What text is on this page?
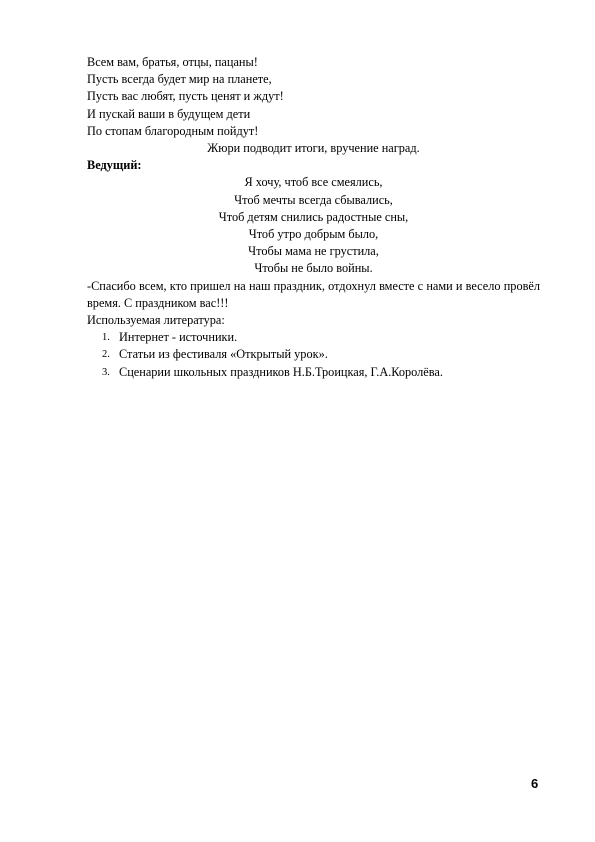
Всем вам, братья, отцы, пацаны!
Пусть всегда будет мир на планете,
Пусть вас любят, пусть ценят и ждут!
И пускай ваши в будущем дети
По стопам благородным пойдут!
Жюри подводит итоги, вручение наград.
Ведущий:
Я хочу, чтоб все смеялись,
Чтоб мечты всегда сбывались,
Чтоб детям снились радостные сны,
Чтоб утро добрым было,
Чтобы мама не грустила,
Чтобы не было войны.
-Спасибо всем, кто пришел на наш праздник, отдохнул вместе с нами и весело провёл время. С праздником вас!!!
Используемая литература:
1. Интернет - источники.
2. Статьи из фестиваля «Открытый урок».
3. Сценарии школьных праздников Н.Б.Троицкая, Г.А.Королёва.
6
